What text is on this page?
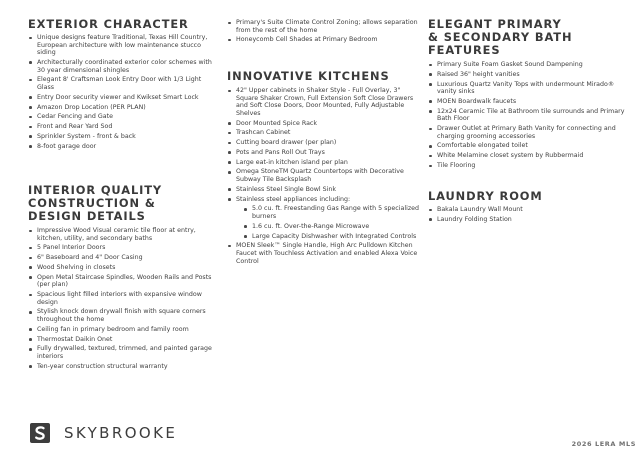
EXTERIOR CHARACTER
Unique designs feature Traditional, Texas Hill Country, European architecture with low maintenance stucco siding
Architecturally coordinated exterior color schemes with 30 year dimensional shingles
Elegant 8' Craftsman Look Entry Door with 1/3 Light Glass
Entry Door security viewer and Kwikset Smart Lock
Amazon Drop Location (PER PLAN)
Cedar Fencing and Gate
Front and Rear Yard Sod
Sprinkler System - front & back
8-foot garage door
INTERIOR QUALITY
CONSTRUCTION &
DESIGN DETAILS
Impressive Wood Visual ceramic tile floor at entry, kitchen, utility, and secondary baths
5 Panel Interior Doors
6" Baseboard and 4" Door Casing
Wood Shelving in closets
Open Metal Staircase Spindles, Wooden Rails and Posts (per plan)
Spacious light filled interiors with expansive window design
Stylish knock down drywall finish with square corners throughout the home
Ceiling fan in primary bedroom and family room
Thermostat Daikin Onet
Fully drywalled, textured, trimmed, and painted garage interiors
Ten-year construction structural warranty
Primary's Suite Climate Control Zoning; allows separation from the rest of the home
Honeycomb Cell Shades at Primary Bedroom
INNOVATIVE KITCHENS
42" Upper cabinets in Shaker Style - Full Overlay, 3" Square Shaker Crown, Full Extension Soft Close Drawers and Soft Close Doors, Door Mounted, Fully Adjustable Shelves
Door Mounted Spice Rack
Trashcan Cabinet
Cutting board drawer (per plan)
Pots and Pans Roll Out Trays
Large eat-in kitchen island per plan
Omega StoneTM Quartz Countertops with Decorative Subway Tile Backsplash
Stainless Steel Single Bowl Sink
Stainless steel appliances including:
5.0 cu. ft. Freestanding Gas Range with 5 specialized burners
1.6 cu. ft. Over-the-Range Microwave
Large Capacity Dishwasher with Integrated Controls
MOEN Sleek™ Single Handle, High Arc Pulldown Kitchen Faucet with Touchless Activation and enabled Alexa Voice Control
ELEGANT PRIMARY
& SECONDARY BATH
FEATURES
Primary Suite Foam Gasket Sound Dampening
Raised 36" height vanities
Luxurious Quartz Vanity Tops with undermount Mirado® vanity sinks
MOEN Boardwalk faucets
12x24 Ceramic Tile at Bathroom tile surrounds and Primary Bath Floor
Drawer Outlet at Primary Bath Vanity for connecting and charging grooming accessories
Comfortable elongated toilet
White Melamine closet system by Rubbermaid
Tile Flooring
LAUNDRY ROOM
Bakala Laundry Wall Mount
Laundry Folding Station
SKYBROOKE
2026 LERA MLS
